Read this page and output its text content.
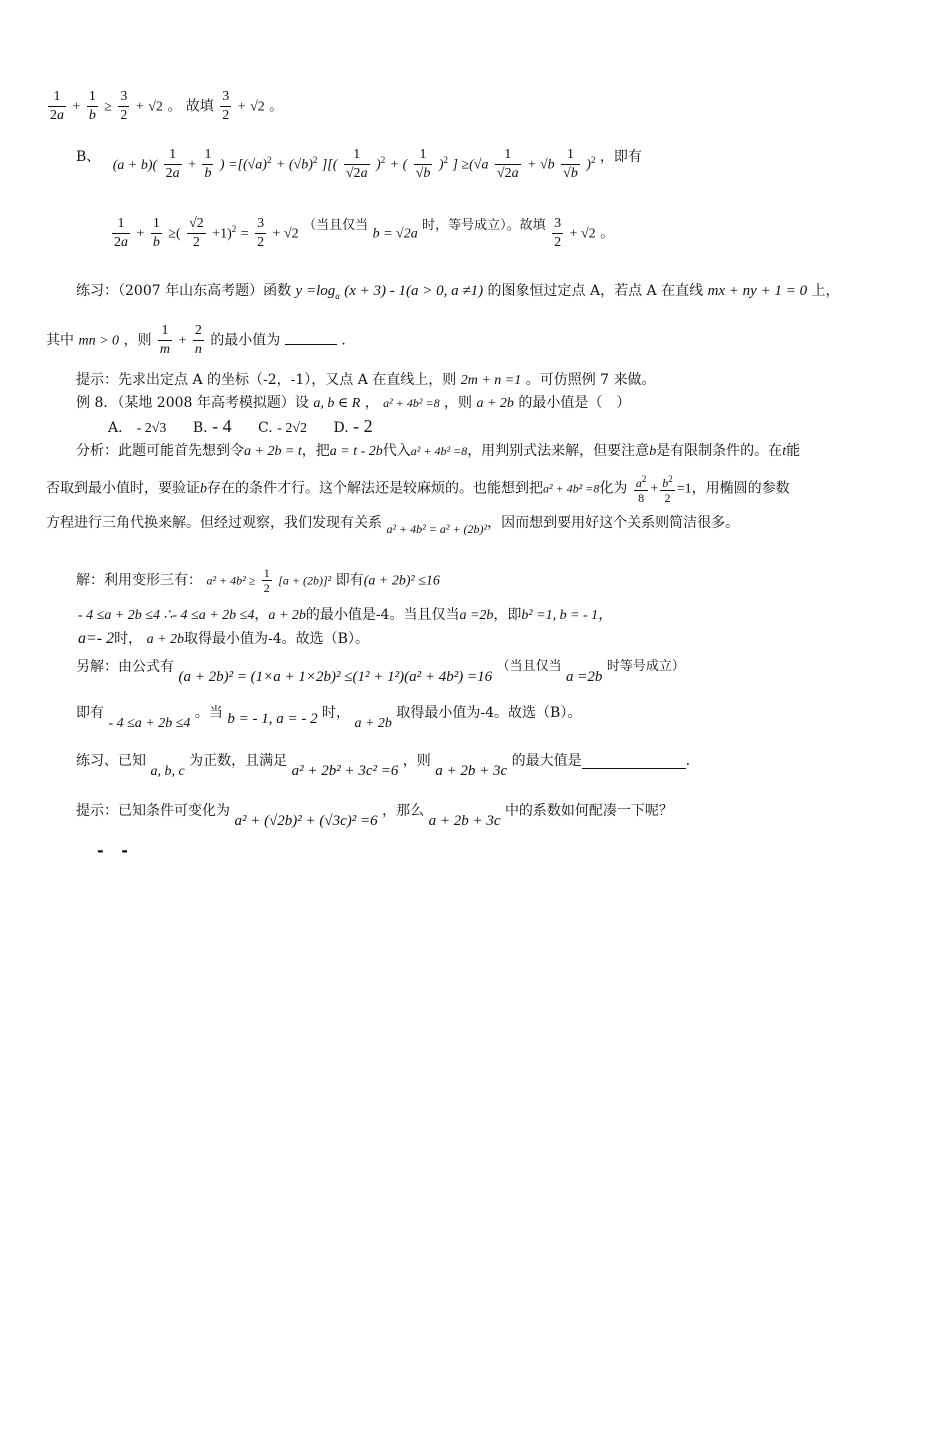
$\frac{1}{2a} + \frac{1}{b} \ge \frac{3}{2} + √2$ 。 故填 $\frac{3}{2} + √2$ 。
B、 $(a + b)( \frac{1}{2a} + \frac{1}{b}$ ) $=[(√a)^2 + (√b)^2$ ][( $\frac{1}{√2a} )^2$ + ( $\frac{1}{√b} )^2$ ] $\ge(√a \frac{1}{√2a} + √b \frac{1}{√b} )^2$ ，即有
$\frac{1}{2a} + \frac{1}{b}$ ≥( $\frac{√2}{2} +1)^2 = \frac{3}{2} + √2$ （当且仅当 b = √2a 时，等号成立）。故填 $\frac{3}{2} + √2$ 。
练习：（2007 年山东高考题）函数 $y =\log_a$ (x + 3) - 1(a > 0, a ≠1) 的图象恒过定点 A，若点 A 在直线 mx + ny + 1 = 0 上，
其中 mn > 0 ，则 $\frac{1}{m} + \frac{2}{n}$ 的最小值为	.
提示：先求出定点 A 的坐标（-2，-1），又点 A 在直线上，则 2m + n =1 。可仿照例 7 来做。
例 8．（某地 2008 年高考模拟题）设 a, b ∈ R ， a² + 4b² =8 ，则 a + 2b 的最小值是（　）
A． - 2√3 B. - 4 C. - 2√2 D. - 2
分析：此题可能首先想到令a + 2b = t，把a = t - 2b代入a² + 4b² =8，用判别式法来解，但要注意b是有限制条件的。在t能
否取到最小值时，要验证b存在的条件才行。这个解法还是较麻烦的。也能想到把a² + 4b² =8化为 $\frac{a^2}{8} + \frac{b^2}{2} =1$，用椭圆的参数
方程进行三角代换来解。但经过观察，我们发现有关系 a² + 4b² = a² + (2b)²，因而想到要用好这个关系则简洁很多。
解：利用变形三有： $a^2 + 4b^2 \ge \frac{1}{2} [a + (2b)]^2$ 即有(a + 2b)² ≤16
- 4 ≤a + 2b ≤4 ∴- 4 ≤a + 2b ≤4，a + 2b的最小值是-4。当且仅当a =2b，即b² =1, b = - 1，
a=- 2时， a + 2b取得最小值为-4。故选（B）。
另解：由公式有 (a + 2b)² = (1×a + 1×2b)² ≤(1² + 1²)(a² + 4b²) =16 （当且仅当 a =2b 时等号成立）
即有 - 4 ≤a + 2b ≤4 。当 b = - 1, a = - 2 时， a + 2b 取得最小值为-4。故选（B）。
练习、已知 a, b, c 为正数，且满足 a² + 2b² + 3c² =6 ，则 a + 2b + 3c 的最大值是	.
提示：已知条件可变化为 a² + (√2b)² + (√3c)² =6 ，那么 a + 2b + 3c 中的系数如何配凑一下呢？
- -
